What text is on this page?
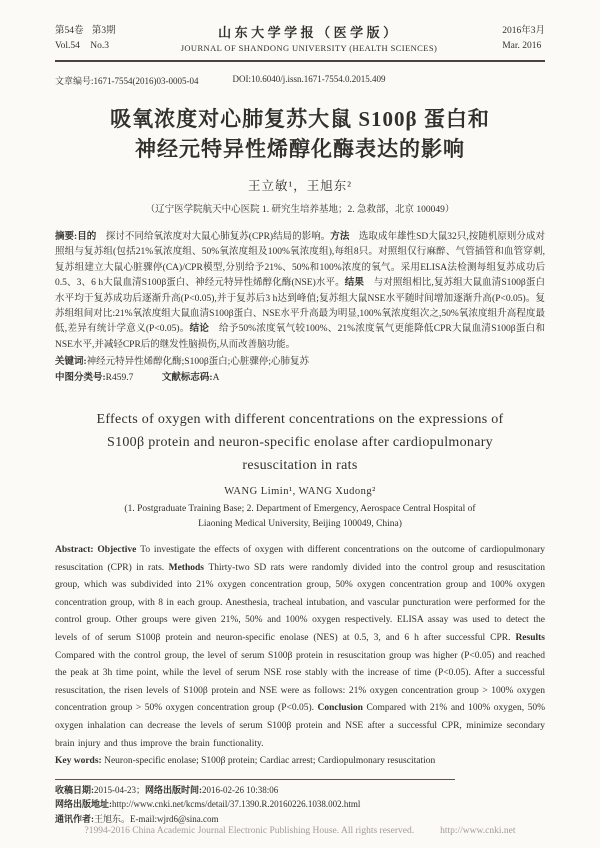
第54卷 第3期
Vol.54 No.3
山东大学学报（医学版）
JOURNAL OF SHANDONG UNIVERSITY (HEALTH SCIENCES)
2016年3月
Mar. 2016
文章编号:1671-7554(2016)03-0005-04	DOI:10.6040/j.issn.1671-7554.0.2015.409
吸氧浓度对心肺复苏大鼠 S100β 蛋白和
神经元特异性烯醇化酶表达的影响
王立敏¹，王旭东²
（辽宁医学院航天中心医院 1. 研究生培养基地；2. 急救部，北京 100049）

摘要:目的　探讨不同给氧浓度对大鼠心肺复苏(CPR)结局的影响。方法　选取成年雄性SD大鼠32只,按随机原则分成对照组与复苏组(包括21%氧浓度组、50%氧浓度组及100%氧浓度组),每组8只。对照组仅行麻醉、气管插管和血管穿刺,复苏组建立大鼠心脏骤停(CA)/CPR模型,分别给予21%、50%和100%浓度的氧气。采用ELISA法检测每组复苏成功后0.5、3、6 h大鼠血清S100β蛋白、神经元特异性烯醇化酶(NSE)水平。结果　与对照组相比,复苏组大鼠血清S100β蛋白水平均于复苏成功后逐渐升高(P<0.05),并于复苏后3 h达到峰值;复苏组大鼠NSE水平随时间增加逐渐升高(P<0.05)。复苏组组间对比:21%氧浓度组大鼠血清S100β蛋白、NSE水平升高最为明显,100%氧浓度组次之,50%氧浓度组升高程度最低,差异有统计学意义(P<0.05)。结论　给予50%浓度氧气较100%、21%浓度氧气更能降低CPR大鼠血清S100β蛋白和NSE水平,并减轻CPR后的继发性脑损伤,从而改善脑功能。

关键词:神经元特异性烯醇化酶;S100β蛋白;心脏骤停;心肺复苏

中图分类号:R459.7　　　文献标志码:A

Effects of oxygen with different concentrations on the expressions of
S100β protein and neuron-specific enolase after cardiopulmonary
resuscitation in rats
WANG Limin¹, WANG Xudong²
(1. Postgraduate Training Base; 2. Department of Emergency, Aerospace Central Hospital of
Liaoning Medical University, Beijing 100049, China)

Abstract: Objective To investigate the effects of oxygen with different concentrations on the outcome of cardiopulmonary resuscitation (CPR) in rats. Methods Thirty-two SD rats were randomly divided into the control group and resuscitation group, which was subdivided into 21% oxygen concentration group, 50% oxygen concentration group and 100% oxygen concentration group, with 8 in each group. Anesthesia, tracheal intubation, and vascular puncturation were performed for the control group. Other groups were given 21%, 50% and 100% oxygen respectively. ELISA assay was used to detect the levels of of serum S100β protein and neuron-specific enolase (NES) at 0.5, 3, and 6 h after successful CPR. Results Compared with the control group, the level of serum S100β protein in resuscitation group was higher (P<0.05) and reached the peak at 3h time point, while the level of serum NSE rose stably with the increase of time (P<0.05). After a successful resuscitation, the risen levels of S100β protein and NSE were as follows: 21% oxygen concentration group > 100% oxygen concentration group > 50% oxygen concentration group (P<0.05). Conclusion Compared with 21% and 100% oxygen, 50% oxygen inhalation can decrease the levels of serum S100β protein and NSE after a successful CPR, minimize secondary brain injury and thus improve the brain functionality.

Key words: Neuron-specific enolase; S100β protein; Cardiac arrest; Cardiopulmonary resuscitation

收稿日期:2015-04-23；网络出版时间:2016-02-26 10:38:06
网络出版地址:http://www.cnki.net/kcms/detail/37.1390.R.20160226.1038.002.html
通讯作者:王旭东。E-mail:wjrd6@sina.com
?1994-2016 China Academic Journal Electronic Publishing House. All rights reserved.	http://www.cnki.net
